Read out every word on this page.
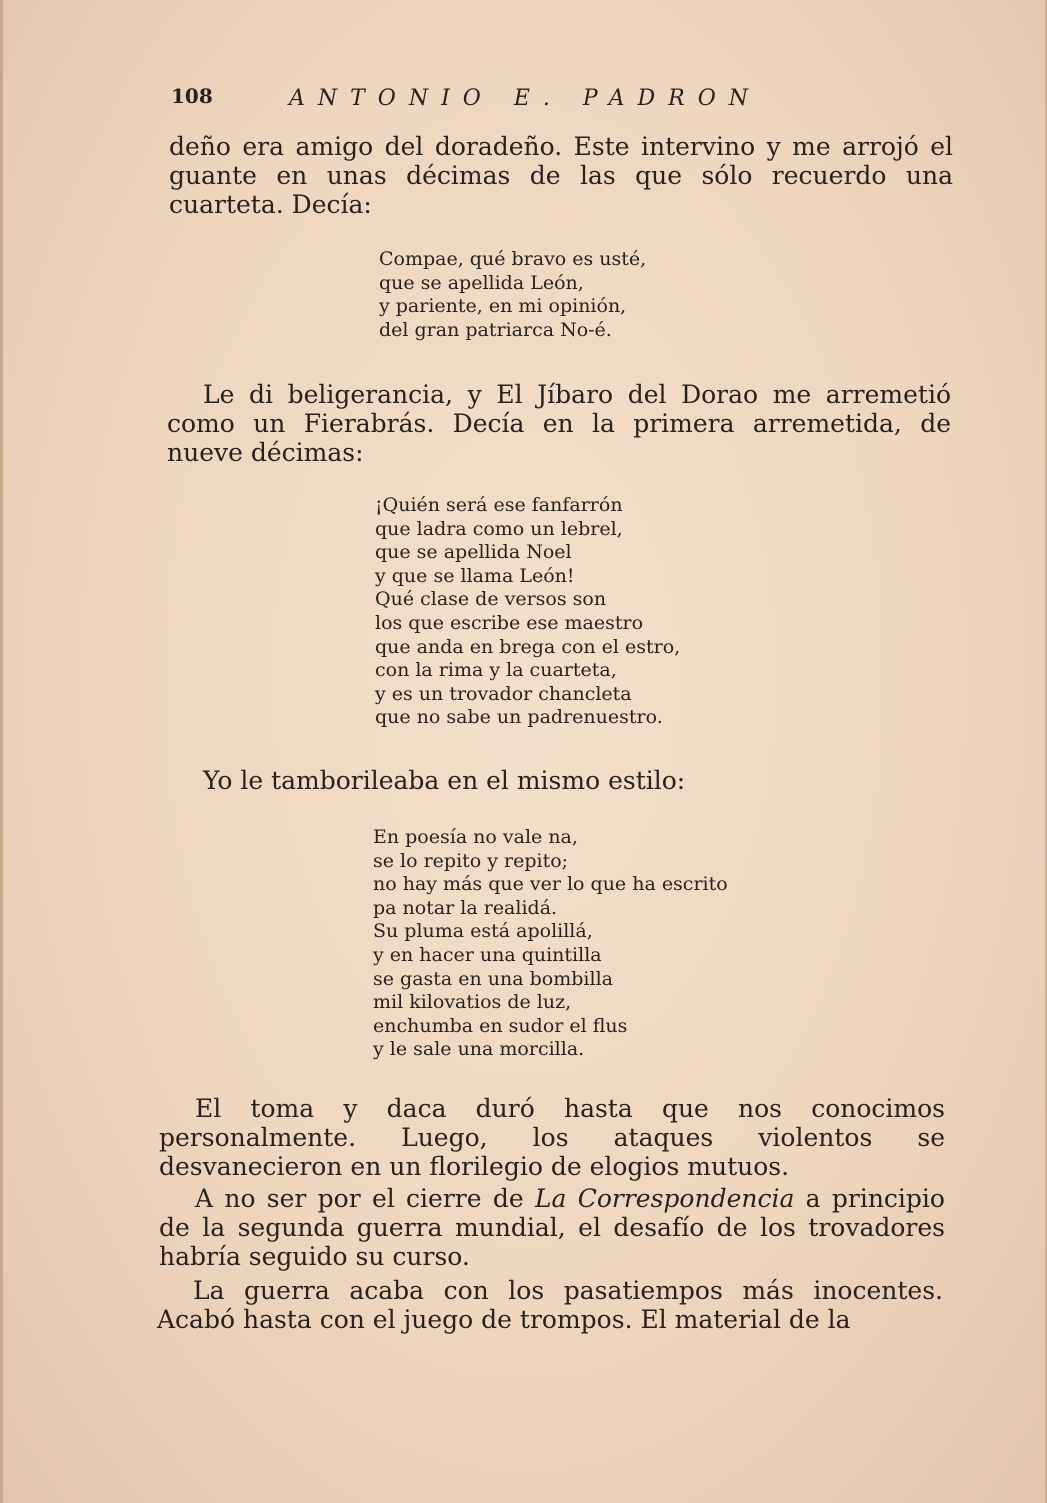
108	ANTONIO E. PADRON

deño era amigo del doradeño. Este intervino y me arrojó el guante en unas décimas de las que sólo recuerdo una cuarteta. Decía:

Compae, qué bravo es usté,
que se apellida León,
y pariente, en mi opinión,
del gran patriarca No-é.

Le di beligerancia, y El Jíbaro del Dorao me arremetió como un Fierabrás. Decía en la primera arremetida, de nueve décimas:

¡Quién será ese fanfarrón
que ladra como un lebrel,
que se apellida Noel
y que se llama León!
Qué clase de versos son
los que escribe ese maestro
que anda en brega con el estro,
con la rima y la cuarteta,
y es un trovador chancleta
que no sabe un padrenuestro.

Yo le tamborileaba en el mismo estilo:

En poesía no vale na,
se lo repito y repito;
no hay más que ver lo que ha escrito
pa notar la realidá.
Su pluma está apolillá,
y en hacer una quintilla
se gasta en una bombilla
mil kilovatios de luz,
enchumba en sudor el flus
y le sale una morcilla.

El toma y daca duró hasta que nos conocimos personalmente. Luego, los ataques violentos se desvanecieron en un florilegio de elogios mutuos.

A no ser por el cierre de La Correspondencia a principio de la segunda guerra mundial, el desafío de los trovadores habría seguido su curso.

La guerra acaba con los pasatiempos más inocentes. Acabó hasta con el juego de trompos. El material de la
